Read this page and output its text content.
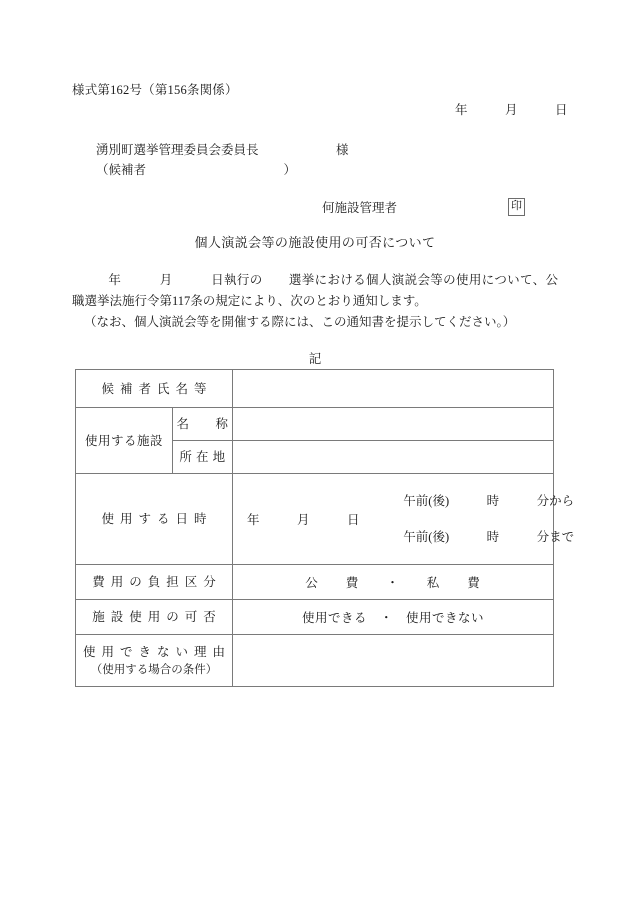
様式第162号（第156条関係）
年　　　月　　　日
湧別町選挙管理委員会委員長	様
（候補者　　　　　　　　　　　）
何施設管理者	印
個人演説会等の施設使用の可否について
年　　　月　　　日執行の 選挙における個人演説会等の使用について、公職選挙法施行令第117条の規定により、次のとおり通知します。
（なお、個人演説会等を開催する際には、この通知書を提示してください。）
記
候補者氏名等		
使用する施設	名　　称	
	所 在 地	
使用する日時		年　　　月　　　日

午前(後)　　　時　　　分から

午前(後)　　　時　　　分まで

費用の負担区分		公　　費　　・　　私　　費
施設使用の可否		使用できる　・　使用できない
使用できない理由
（使用する場合の条件）		
